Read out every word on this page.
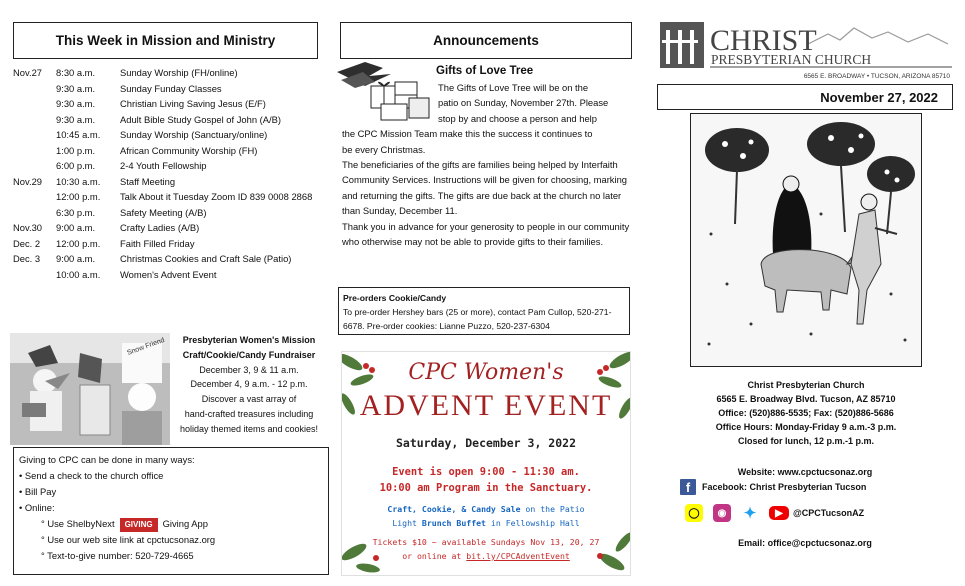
This Week in Mission and Ministry
Nov.27 8:30 a.m.	Sunday Worship (FH/online)
9:30 a.m.	Sunday Funday Classes
9:30 a.m.	Christian Living Saving Jesus (E/F)
9:30 a.m.	Adult Bible Study Gospel of John (A/B)
10:45 a.m. Sunday Worship (Sanctuary/online)
1:00 p.m.	African Community Worship (FH)
6:00 p.m.	2-4 Youth Fellowship
Nov.29 10:30 a.m. Staff Meeting
12:00 p.m. Talk About it Tuesday Zoom ID 839 0008 2868
6:30 p.m.	Safety Meeting (A/B)
Nov.30 9:00 a.m.	Crafty Ladies (A/B)
Dec. 2 12:00 p.m. Faith Filled Friday
Dec. 3 9:00 a.m.	Christmas Cookies and Craft Sale (Patio)
10:00 a.m. Women's Advent Event
Snow Friend	Presbyterian Women's Mission
Craft/Cookie/Candy Fundraiser
December 3, 9 & 11 a.m.
December 4, 9 a.m. - 12 p.m.
Discover a vast array of
hand-crafted treasures including
holiday themed items and cookies!
Giving to CPC can be done in many ways:
• Send a check to the church office
• Bill Pay
• Online:
° Use ShelbyNext GIVING Giving App
° Use our web site link at cpctucsonaz.org
° Text-to-give number: 520-729-4665
Announcements
Gifts of Love Tree

The Gifts of Love Tree will be on the

patio on Sunday, November 27th. Please

stop by and choose a person and help

the CPC Mission Team make this the success it continues to

be every Christmas.

The beneficiaries of the gifts are families being helped by Interfaith Community Services. Instructions will be given for choosing, marking and returning the gifts. The gifts are due back at the church no later than Sunday, December 11.

Thank you in advance for your generosity to people in our community who otherwise may not be able to provide gifts to their families.

Pre-orders Cookie/Candy
To pre-order Hershey bars (25 or more), contact Pam Cullop, 520-271-6678. Pre-order cookies: Lianne Puzzo, 520-237-6304
CPC Women's
ADVENT EVENT
Saturday, December 3, 2022
Event is open 9:00 - 11:30 am.
10:00 am Program in the Sanctuary.
Craft, Cookie, & Candy Sale on the Patio
Light Brunch Buffet in Fellowship Hall
Tickets $10 ~ available Sundays Nov 13, 20, 27
or online at bit.ly/CPCAdventEvent
CHRIST
PRESBYTERIAN CHURCH
6565 E. BROADWAY • TUCSON, ARIZONA 85710
November 27, 2022
Christ Presbyterian Church
6565 E. Broadway Blvd. Tucson, AZ 85710
Office: (520)886-5535; Fax: (520)886-5686
Office Hours: Monday-Friday 9 a.m.-3 p.m.
Closed for lunch, 12 p.m.-1 p.m.
Website: www.cpctucsonaz.org
f	Facebook: Christ Presbyterian Tucson
◯	◉	✦	▶	@CPCTucsonAZ
Email: office@cpctucsonaz.org
